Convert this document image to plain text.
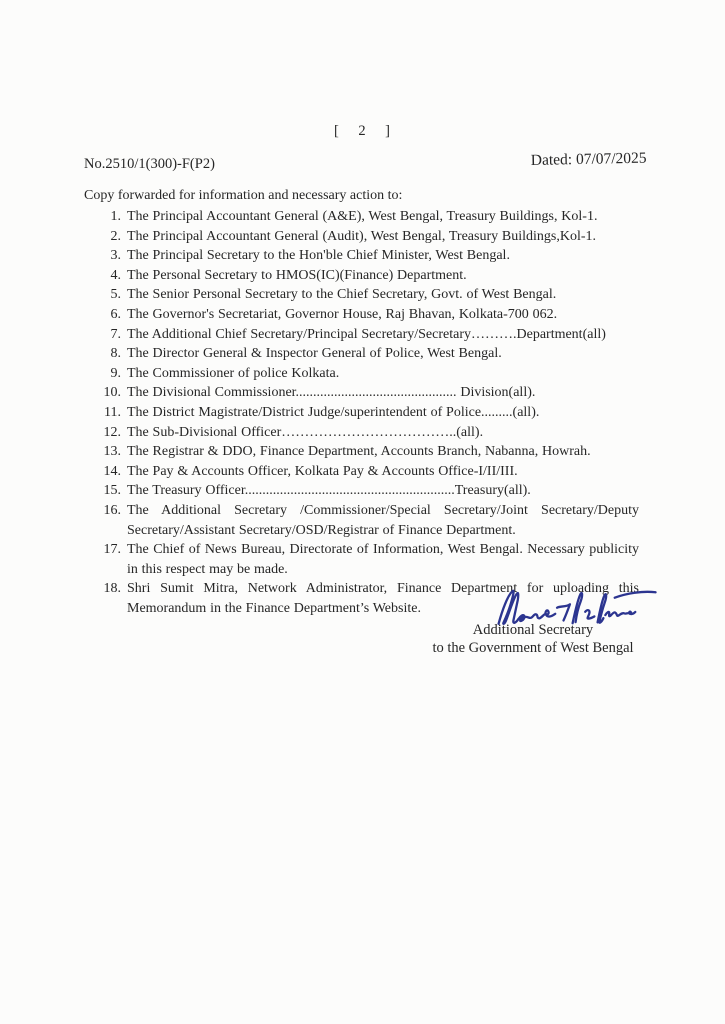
[    2    ]
No.2510/1(300)-F(P2)	Dated: 07/07/2025
Copy forwarded for information and necessary action to:
1. The Principal Accountant General (A&E), West Bengal, Treasury Buildings, Kol-1.
2. The Principal Accountant General (Audit), West Bengal, Treasury Buildings,Kol-1.
3. The Principal Secretary to the Hon'ble Chief Minister, West Bengal.
4. The Personal Secretary to HMOS(IC)(Finance) Department.
5. The Senior Personal Secretary to the Chief Secretary, Govt. of West Bengal.
6. The Governor's Secretariat, Governor House, Raj Bhavan, Kolkata-700 062.
7. The Additional Chief Secretary/Principal Secretary/Secretary……….Department(all)
8. The Director General & Inspector General of Police, West Bengal.
9. The Commissioner of police Kolkata.
10. The Divisional Commissioner.............................................. Division(all).
11. The District Magistrate/District Judge/superintendent of Police.........(all).
12. The Sub-Divisional Officer………………………………..(all).
13. The Registrar & DDO, Finance Department, Accounts Branch, Nabanna, Howrah.
14. The Pay & Accounts Officer, Kolkata Pay & Accounts Office-I/II/III.
15. The Treasury Officer............................................................Treasury(all).
16. The Additional Secretary /Commissioner/Special Secretary/Joint Secretary/Deputy Secretary/Assistant Secretary/OSD/Registrar of Finance Department.
17. The Chief of News Bureau, Directorate of Information, West Bengal. Necessary publicity in this respect may be made.
18. Shri Sumit Mitra, Network Administrator, Finance Department for uploading this Memorandum in the Finance Department’s Website.
Additional Secretary
to the Government of West Bengal
